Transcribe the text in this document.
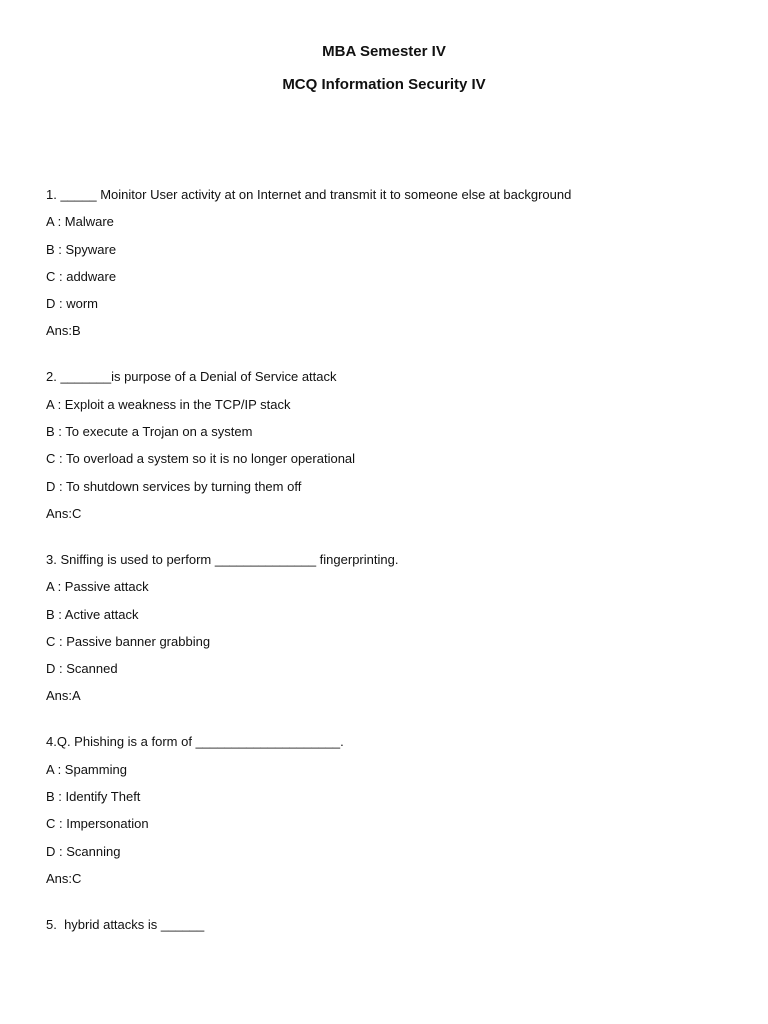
MBA Semester IV

MCQ Information Security IV

1. _____ Moinitor User activity at on Internet and transmit it to someone else at background
A : Malware
B : Spyware
C : addware
D : worm
Ans:B
2. _______is purpose of a Denial of Service attack
A : Exploit a weakness in the TCP/IP stack
B : To execute a Trojan on a system
C : To overload a system so it is no longer operational
D : To shutdown services by turning them off
Ans:C
3. Sniffing is used to perform ______________ fingerprinting.
A : Passive attack
B : Active attack
C : Passive banner grabbing
D : Scanned
Ans:A
4.Q. Phishing is a form of ____________________.
A : Spamming
B : Identify Theft
C : Impersonation
D : Scanning
Ans:C
5.  hybrid attacks is ______
